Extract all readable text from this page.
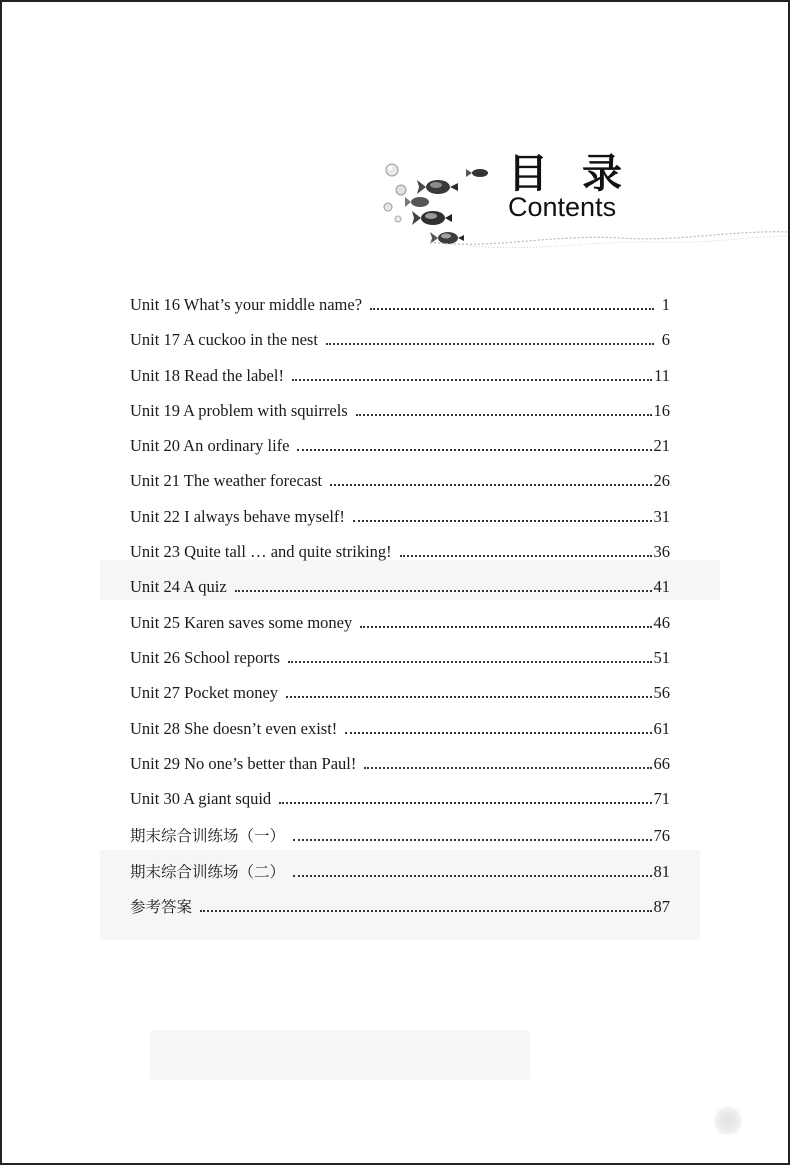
目录
Contents
Unit 16 What’s your middle name?	1
Unit 17 A cuckoo in the nest	6
Unit 18 Read the label!	11
Unit 19 A problem with squirrels	16
Unit 20 An ordinary life	21
Unit 21 The weather forecast	26
Unit 22 I always behave myself!	31
Unit 23 Quite tall … and quite striking!	36
Unit 24 A quiz	41
Unit 25 Karen saves some money	46
Unit 26 School reports	51
Unit 27 Pocket money	56
Unit 28 She doesn’t even exist!	61
Unit 29 No one’s better than Paul!	66
Unit 30 A giant squid	71
期末综合训练场（一）	76
期末综合训练场（二）	81
参考答案	87
